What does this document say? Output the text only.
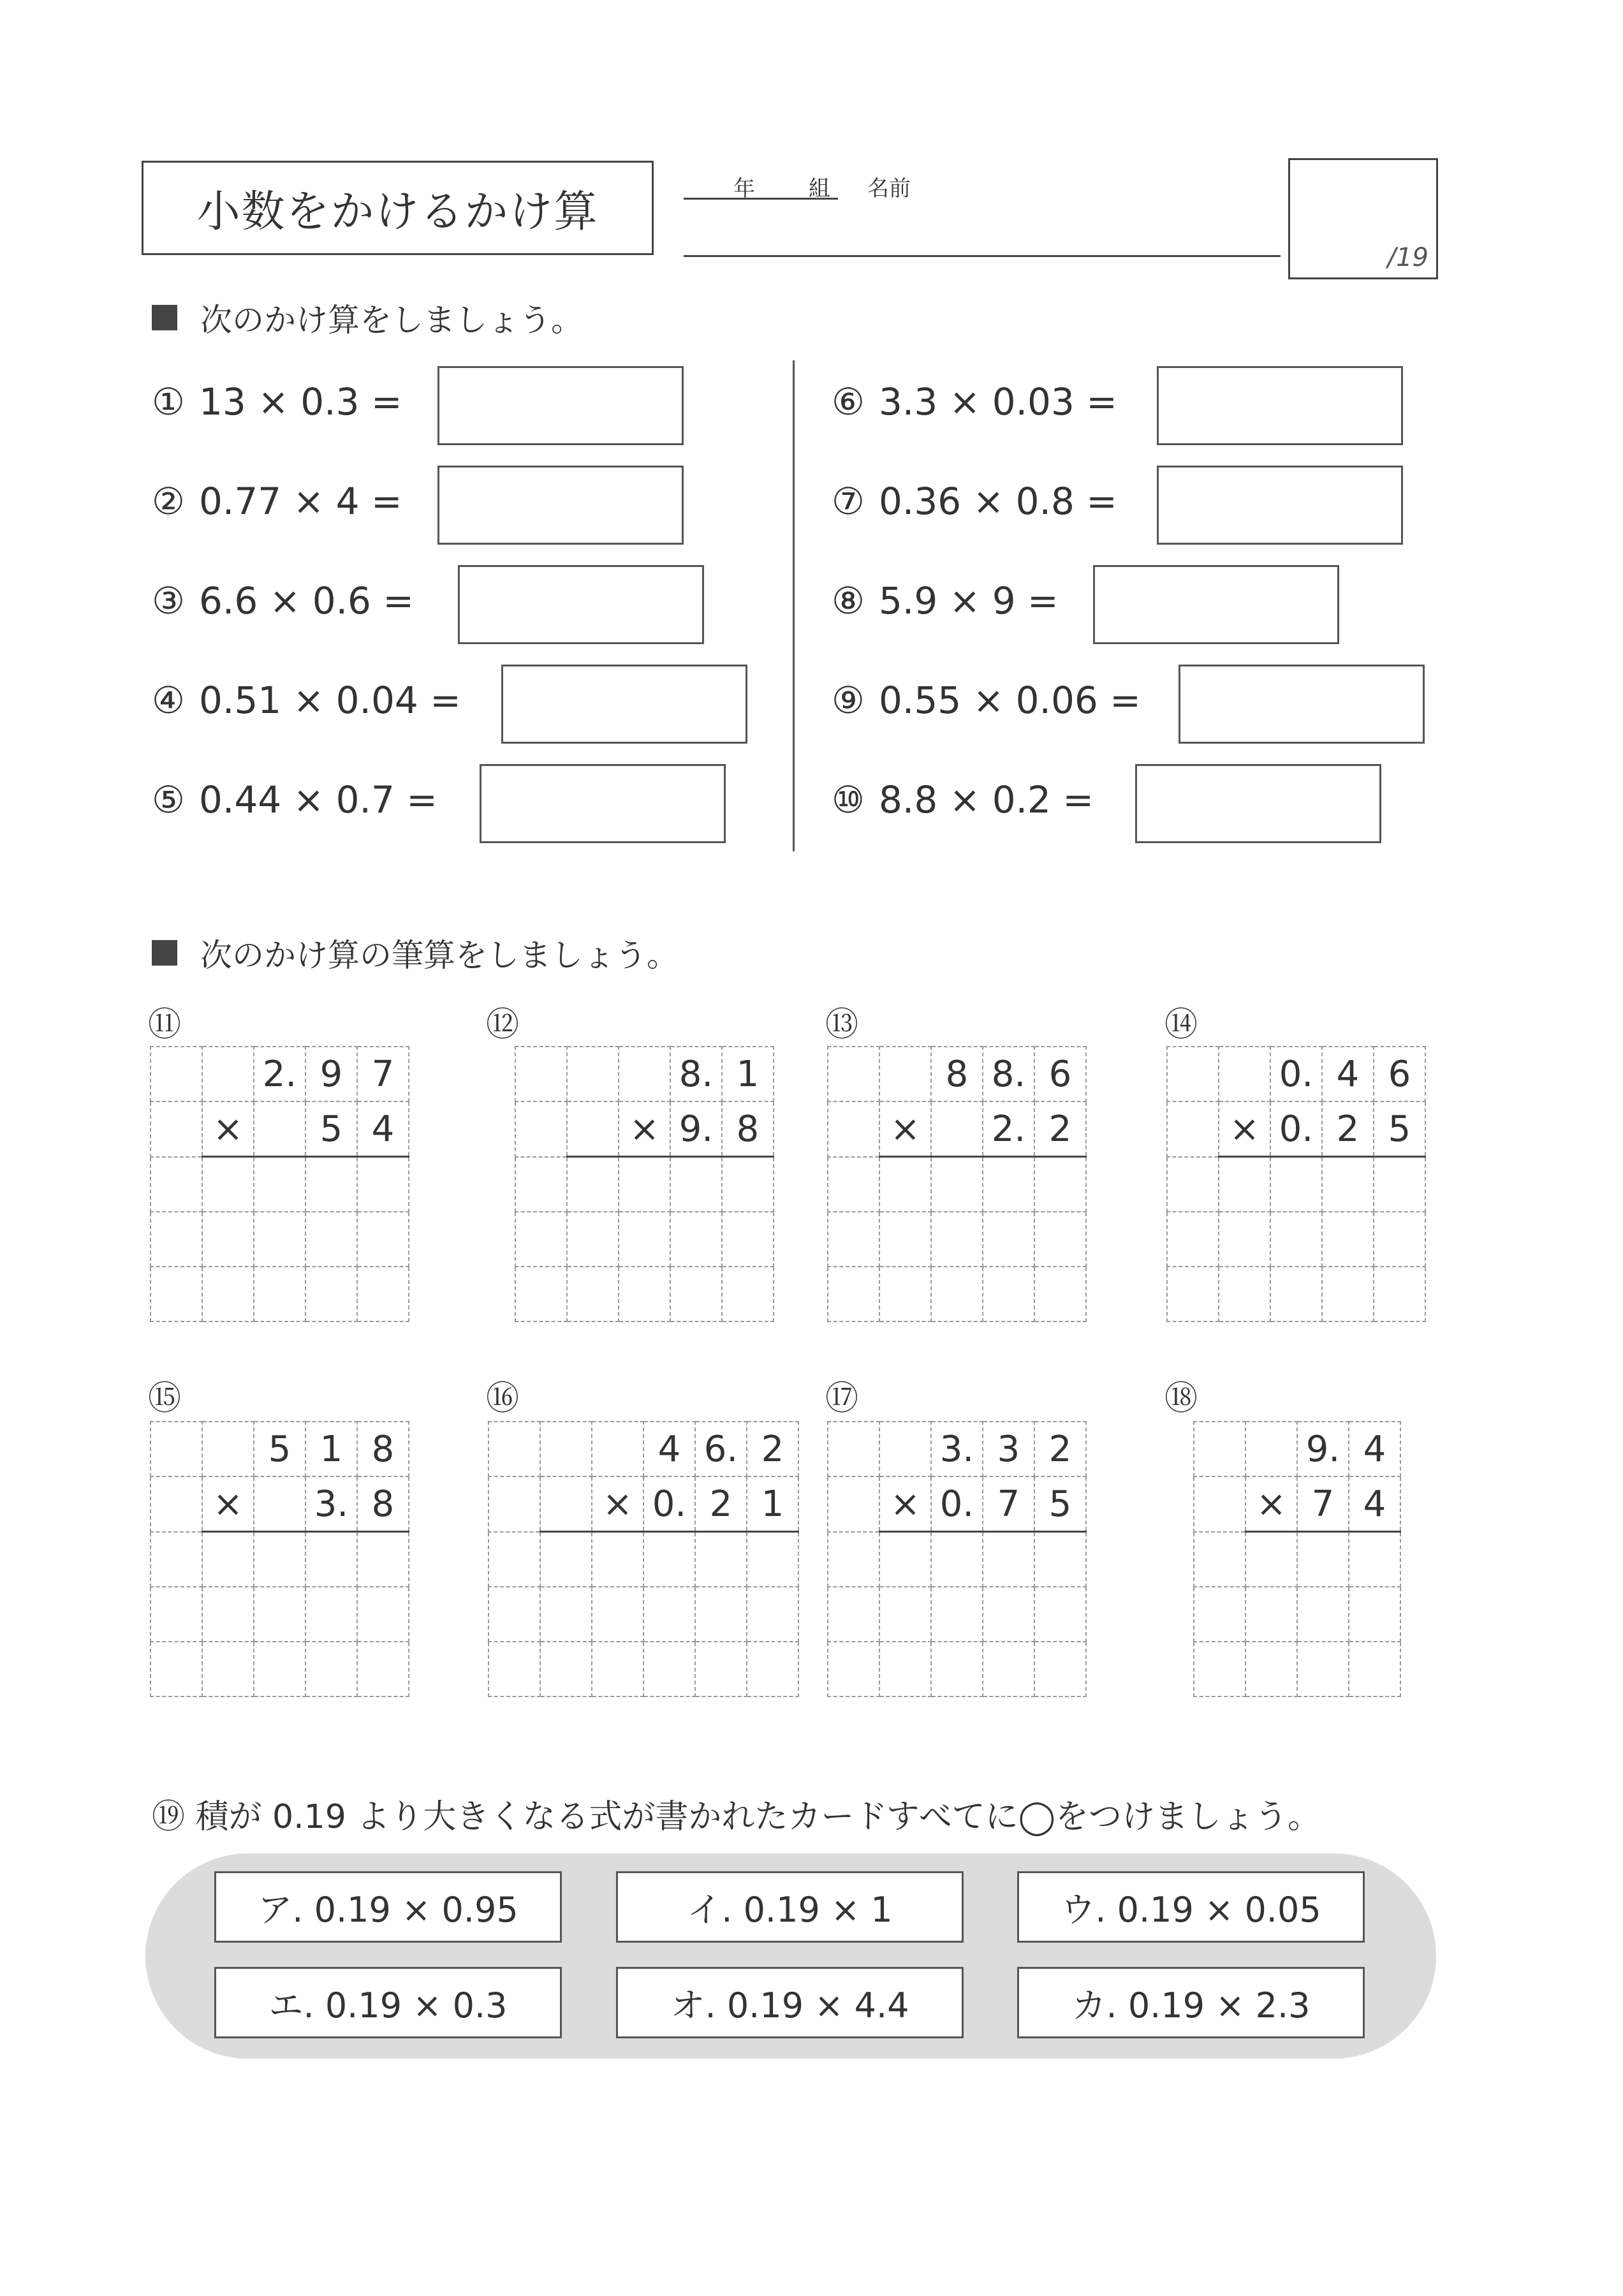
小数をかけるかけ算	年 組 名前
/19
次のかけ算をしましょう。
① 13 × 0.3 =
② 0.77 × 4 =
③ 6.6 × 0.6 =
④ 0.51 × 0.04 =
⑤ 0.44 × 0.7 =
⑥ 3.3 × 0.03 =
⑦ 0.36 × 0.8 =
⑧ 5.9 × 9 =
⑨ 0.55 × 0.06 =
⑩ 8.8 × 0.2 =
次のかけ算の筆算をしましょう。
⑪
		2.	9	7
	×		5	4

⑫
			8.	1
		×	9.	8

⑬
		8	8.	6
	×		2.	2

⑭
		0.	4	6
	×	0.	2	5

⑮
		5	1	8
	×		3.	8

⑯
			4	6.	2
		×	0.	2	1

⑰
		3.	3	2
	×	0.	7	5

⑱
		9.	4
	×	7	4

⑲ 積が 0.19 より大きくなる式が書かれたカードすべてに◯をつけましょう。
ア. 0.19 × 0.95	イ. 0.19 × 1	ウ. 0.19 × 0.05
エ. 0.19 × 0.3	オ. 0.19 × 4.4	カ. 0.19 × 2.3
